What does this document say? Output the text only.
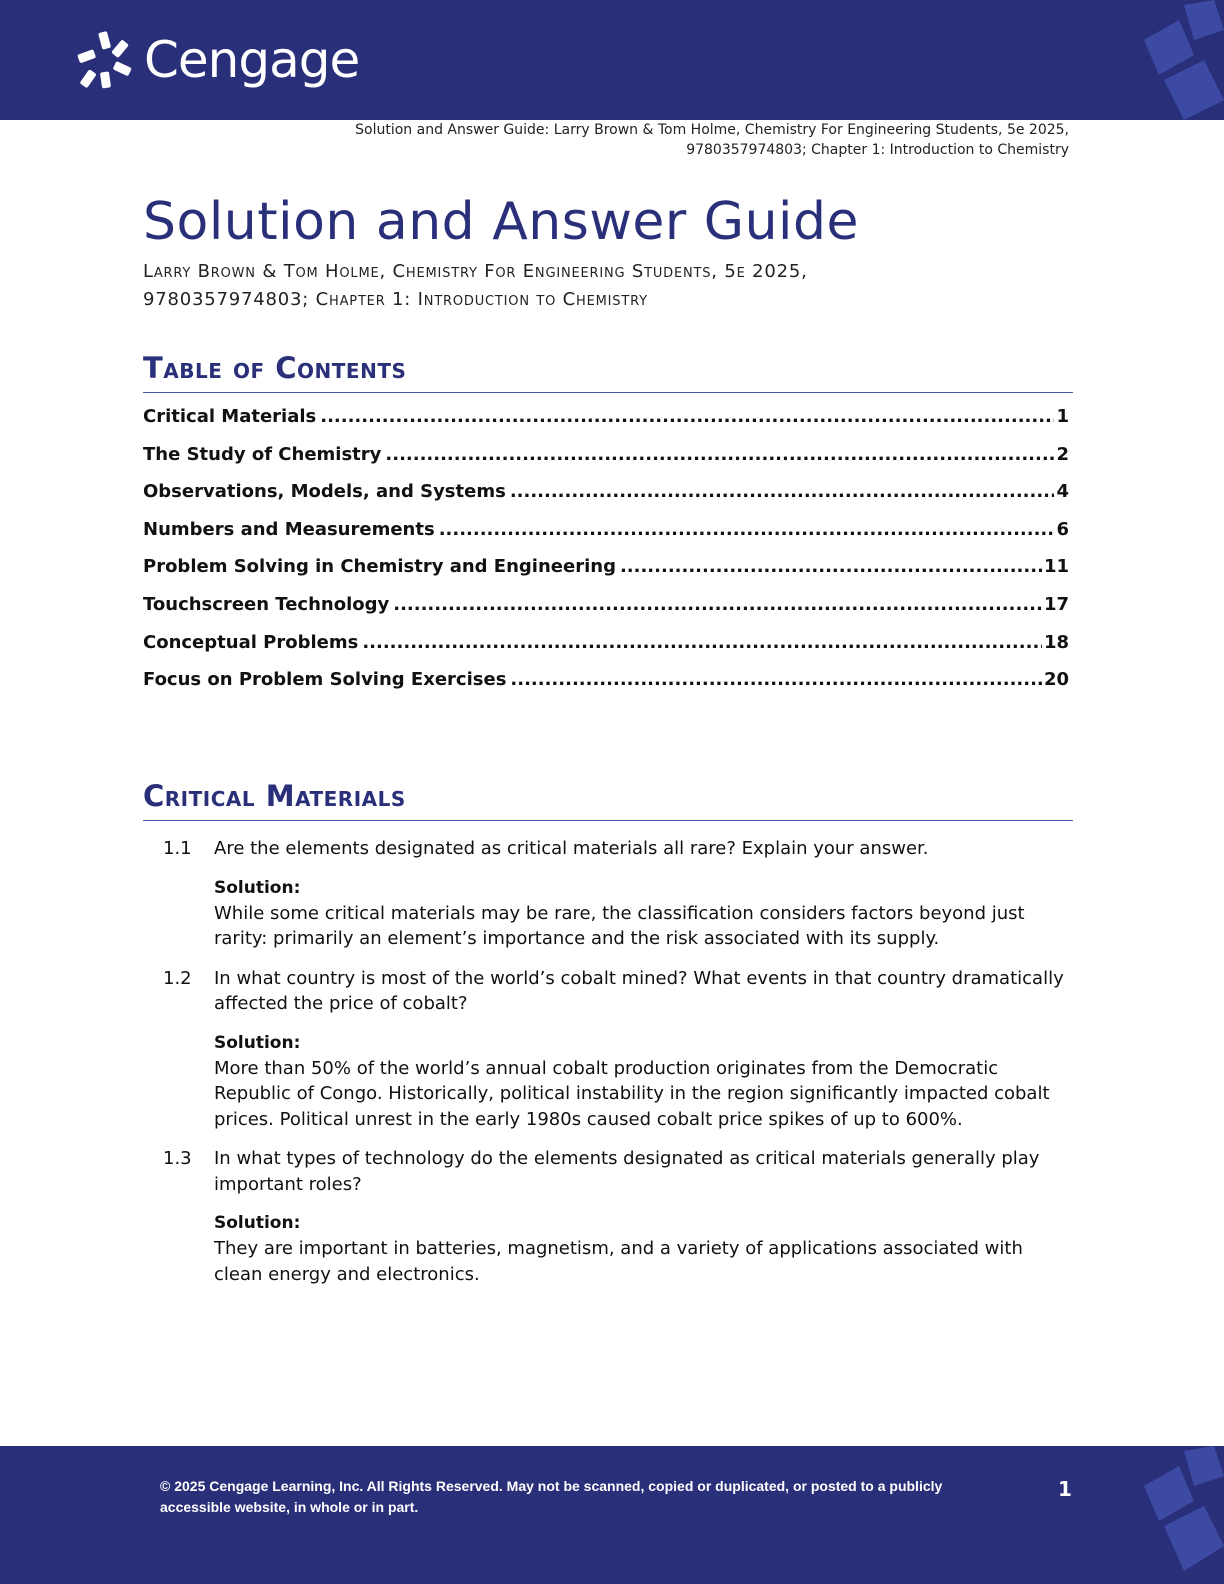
Cengage
Solution and Answer Guide: Larry Brown & Tom Holme, Chemistry For Engineering Students, 5e 2025,
9780357974803; Chapter 1: Introduction to Chemistry
Solution and Answer Guide
Larry Brown & Tom Holme, Chemistry For Engineering Students, 5e 2025,
9780357974803; Chapter 1: Introduction to Chemistry
Table of Contents
Critical Materials .....	1
The Study of Chemistry .....	2
Observations, Models, and Systems .....	4
Numbers and Measurements .....	6
Problem Solving in Chemistry and Engineering .....	11
Touchscreen Technology .....	17
Conceptual Problems .....	18
Focus on Problem Solving Exercises .....	20
Critical Materials
1.1 Are the elements designated as critical materials all rare? Explain your answer.
Solution:
While some critical materials may be rare, the classification considers factors beyond just rarity: primarily an element’s importance and the risk associated with its supply.
1.2 In what country is most of the world’s cobalt mined? What events in that country dramatically affected the price of cobalt?
Solution:
More than 50% of the world’s annual cobalt production originates from the Democratic Republic of Congo. Historically, political instability in the region significantly impacted cobalt prices. Political unrest in the early 1980s caused cobalt price spikes of up to 600%.
1.3 In what types of technology do the elements designated as critical materials generally play important roles?
Solution:
They are important in batteries, magnetism, and a variety of applications associated with clean energy and electronics.
© 2025 Cengage Learning, Inc. All Rights Reserved. May not be scanned, copied or duplicated, or posted to a publicly accessible website, in whole or in part.
1
